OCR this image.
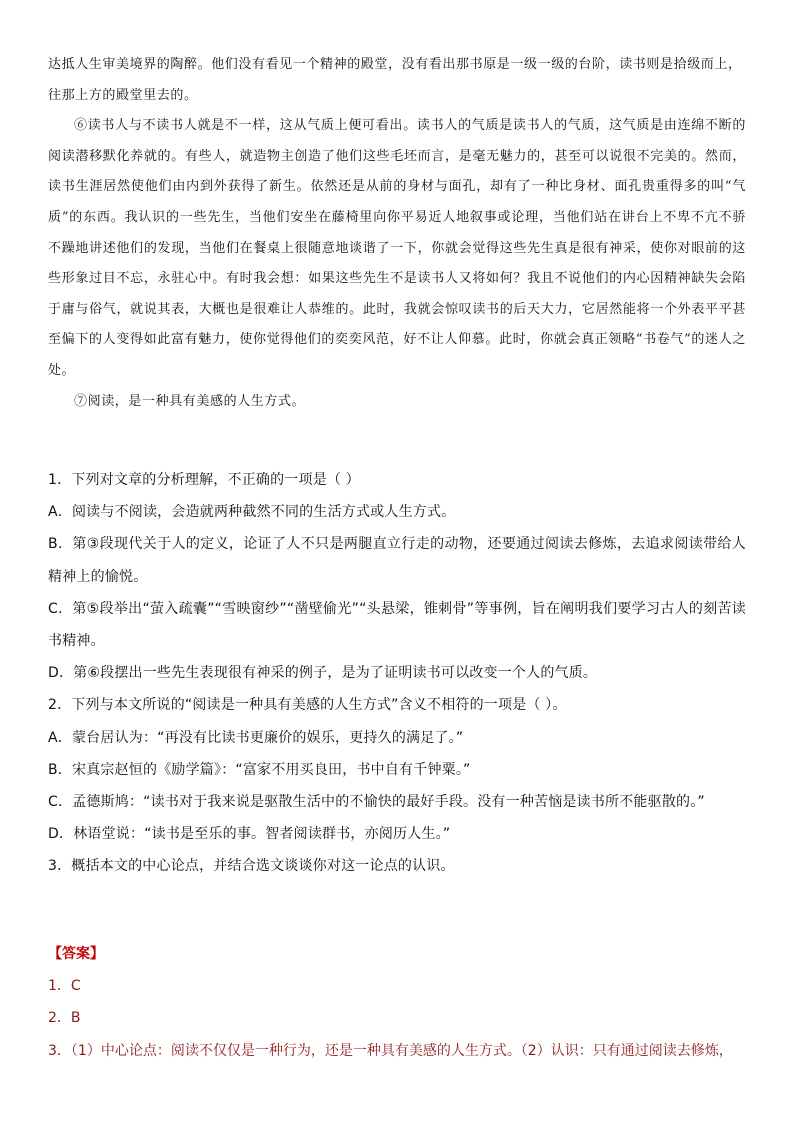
达抵人生审美境界的陶醉。他们没有看见一个精神的殿堂，没有看出那书原是一级一级的台阶，读书则是拾级而上，

往那上方的殿堂里去的。

⑥读书人与不读书人就是不一样，这从气质上便可看出。读书人的气质是读书人的气质，这气质是由连绵不断的阅读潜移默化养就的。有些人，就造物主创造了他们这些毛坯而言，是毫无魅力的，甚至可以说很不完美的。然而，读书生涯居然使他们由内到外获得了新生。依然还是从前的身材与面孔，却有了一种比身材、面孔贵重得多的叫“气质”的东西。我认识的一些先生，当他们安坐在藤椅里向你平易近人地叙事或论理，当他们站在讲台上不卑不亢不骄不躁地讲述他们的发现，当他们在餐桌上很随意地谈谐了一下，你就会觉得这些先生真是很有神采，使你对眼前的这些形象过目不忘，永驻心中。有时我会想：如果这些先生不是读书人又将如何？我且不说他们的内心因精神缺失会陷于庸与俗气，就说其表，大概也是很难让人恭维的。此时，我就会惊叹读书的后天大力，它居然能将一个外表平平甚至偏下的人变得如此富有魅力，使你觉得他们的奕奕风范，好不让人仰慕。此时，你就会真正领略“书卷气”的迷人之处。

⑦阅读，是一种具有美感的人生方式。

1．下列对文章的分析理解，不正确的一项是（ ）

A．阅读与不阅读，会造就两种截然不同的生活方式或人生方式。

B．第③段现代关于人的定义，论证了人不只是两腿直立行走的动物，还要通过阅读去修炼，去追求阅读带给人精神上的愉悦。

C．第⑤段举出“萤入疏囊”“雪映窗纱”“凿壁偷光”“头悬梁，锥刺骨”等事例，旨在阐明我们要学习古人的刻苦读书精神。

D．第⑥段摆出一些先生表现很有神采的例子，是为了证明读书可以改变一个人的气质。

2．下列与本文所说的“阅读是一种具有美感的人生方式”含义不相符的一项是（ ）。

A．蒙台居认为：“再没有比读书更廉价的娱乐，更持久的满足了。”

B．宋真宗赵恒的《励学篇》：“富家不用买良田，书中自有千钟粟。”

C．孟德斯鸠：“读书对于我来说是驱散生活中的不愉快的最好手段。没有一种苦恼是读书所不能驱散的。”

D．林语堂说：“读书是至乐的事。智者阅读群书，亦阅历人生。”

3．概括本文的中心论点，并结合选文谈谈你对这一论点的认识。

【答案】

1．C

2．B

3．（1）中心论点：阅读不仅仅是一种行为，还是一种具有美感的人生方式。（2）认识：只有通过阅读去修炼，
